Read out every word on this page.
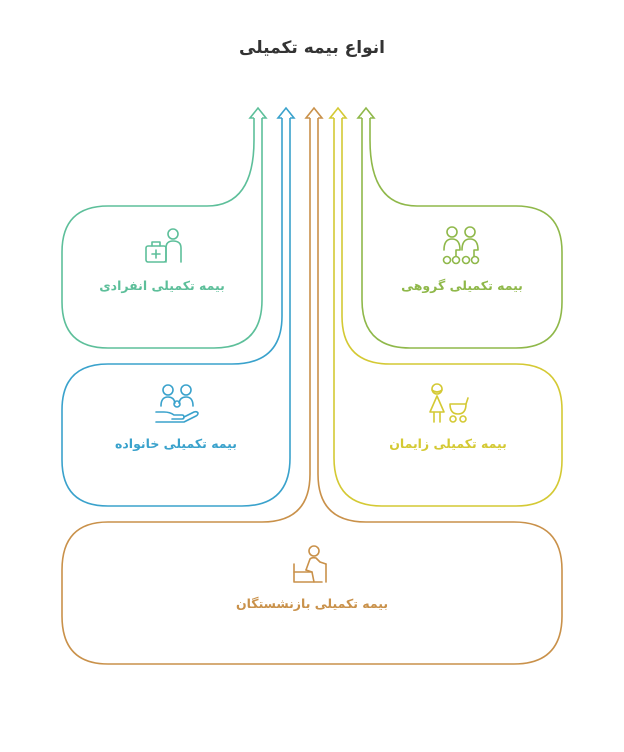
انواع بیمه تکمیلی
بیمه تکمیلی انفرادی
بیمه تکمیلی خانواده
بیمه تکمیلی بازنشستگان
بیمه تکمیلی زایمان
بیمه تکمیلی گروهی
